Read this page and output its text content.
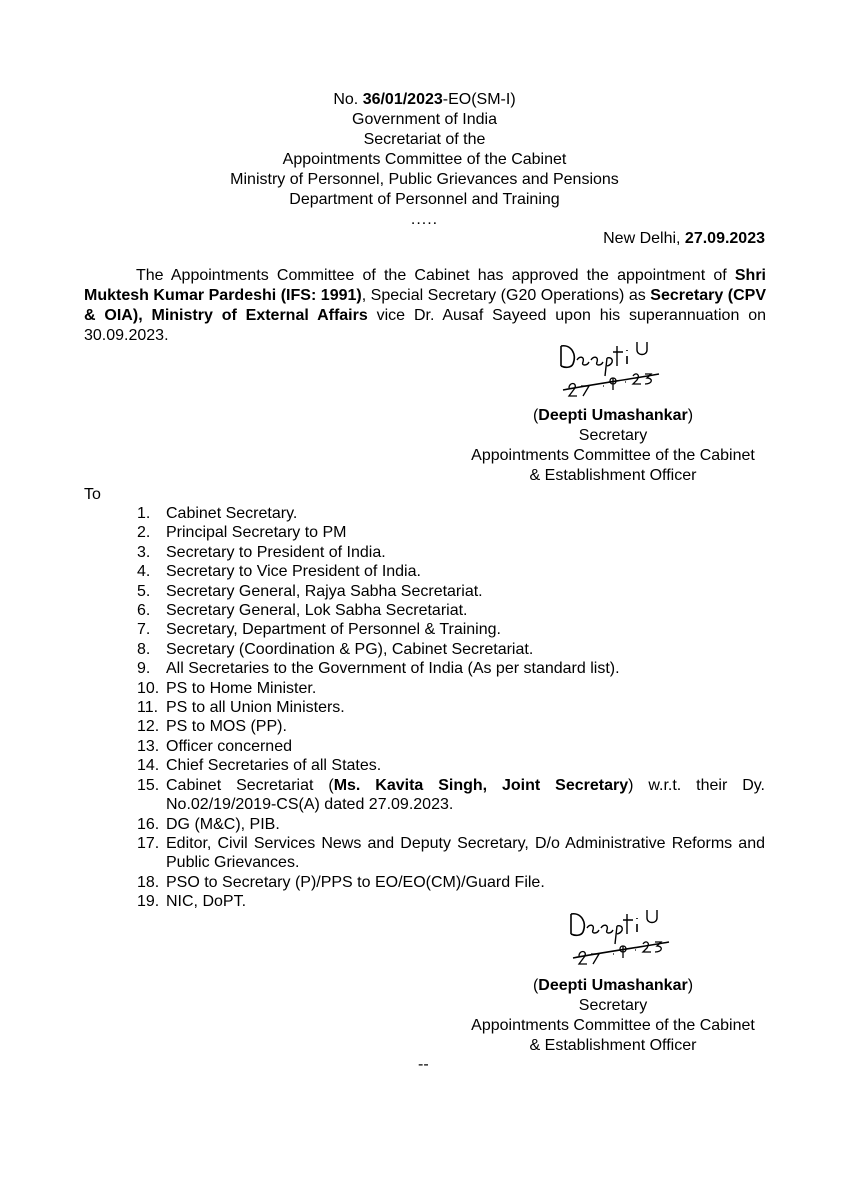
No. 36/01/2023-EO(SM-I)
Government of India
Secretariat of the
Appointments Committee of the Cabinet
Ministry of Personnel, Public Grievances and Pensions
Department of Personnel and Training
.....
New Delhi, 27.09.2023
The Appointments Committee of the Cabinet has approved the appointment of Shri Muktesh Kumar Pardeshi (IFS: 1991), Special Secretary (G20 Operations) as Secretary (CPV & OIA), Ministry of External Affairs vice Dr. Ausaf Sayeed upon his superannuation on 30.09.2023.
(Deepti Umashankar)
Secretary
Appointments Committee of the Cabinet
& Establishment Officer
To
1. Cabinet Secretary.
2. Principal Secretary to PM
3. Secretary to President of India.
4. Secretary to Vice President of India.
5. Secretary General, Rajya Sabha Secretariat.
6. Secretary General, Lok Sabha Secretariat.
7. Secretary, Department of Personnel & Training.
8. Secretary (Coordination & PG), Cabinet Secretariat.
9. All Secretaries to the Government of India (As per standard list).
10. PS to Home Minister.
11. PS to all Union Ministers.
12. PS to MOS (PP).
13. Officer concerned
14. Chief Secretaries of all States.
15. Cabinet Secretariat (Ms. Kavita Singh, Joint Secretary) w.r.t. their Dy. No.02/19/2019-CS(A) dated 27.09.2023.
16. DG (M&C), PIB.
17. Editor, Civil Services News and Deputy Secretary, D/o Administrative Reforms and Public Grievances.
18. PSO to Secretary (P)/PPS to EO/EO(CM)/Guard File.
19. NIC, DoPT.
(Deepti Umashankar)
Secretary
Appointments Committee of the Cabinet
& Establishment Officer
--
